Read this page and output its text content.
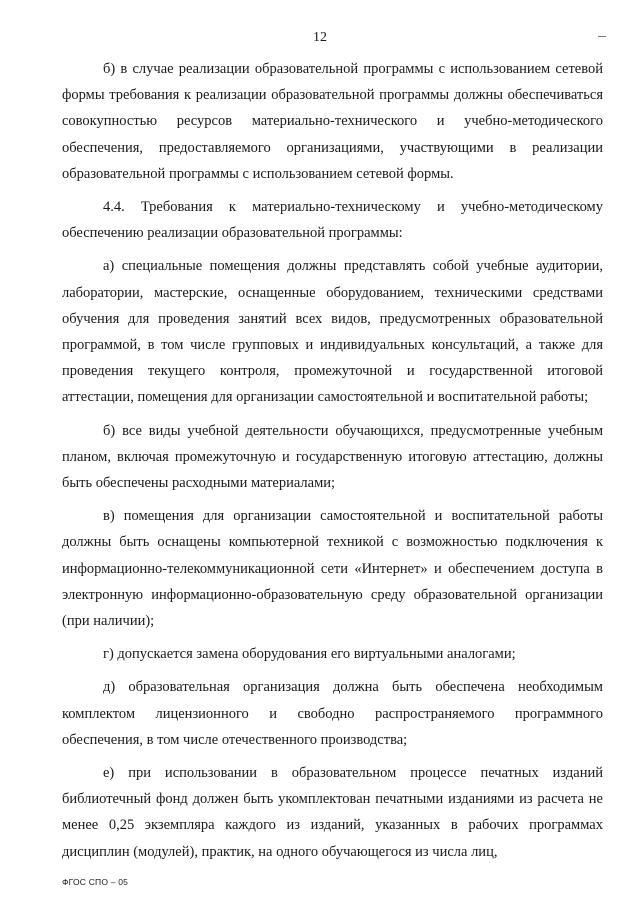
12

б) в случае реализации образовательной программы с использованием сетевой формы требования к реализации образовательной программы должны обеспечиваться совокупностью ресурсов материально-технического и учебно-методического обеспечения, предоставляемого организациями, участвующими в реализации образовательной программы с использованием сетевой формы.

4.4. Требования к материально-техническому и учебно-методическому обеспечению реализации образовательной программы:

а) специальные помещения должны представлять собой учебные аудитории, лаборатории, мастерские, оснащенные оборудованием, техническими средствами обучения для проведения занятий всех видов, предусмотренных образовательной программой, в том числе групповых и индивидуальных консультаций, а также для проведения текущего контроля, промежуточной и государственной итоговой аттестации, помещения для организации самостоятельной и воспитательной работы;

б) все виды учебной деятельности обучающихся, предусмотренные учебным планом, включая промежуточную и государственную итоговую аттестацию, должны быть обеспечены расходными материалами;

в) помещения для организации самостоятельной и воспитательной работы должны быть оснащены компьютерной техникой с возможностью подключения к информационно-телекоммуникационной сети «Интернет» и обеспечением доступа в электронную информационно-образовательную среду образовательной организации (при наличии);

г) допускается замена оборудования его виртуальными аналогами;

д) образовательная организация должна быть обеспечена необходимым комплектом лицензионного и свободно распространяемого программного обеспечения, в том числе отечественного производства;

е) при использовании в образовательном процессе печатных изданий библиотечный фонд должен быть укомплектован печатными изданиями из расчета не менее 0,25 экземпляра каждого из изданий, указанных в рабочих программах дисциплин (модулей), практик, на одного обучающегося из числа лиц,

ФГОС СПО – 05
